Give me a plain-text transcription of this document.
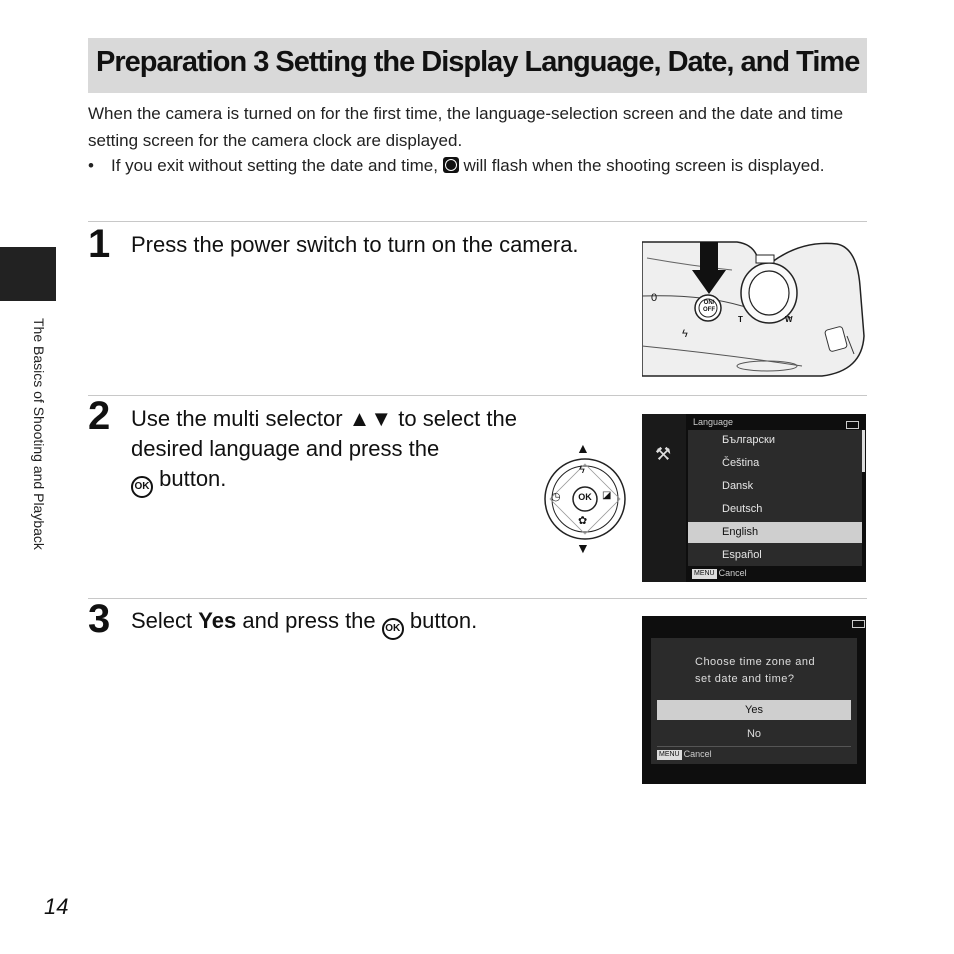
Preparation 3 Setting the Display Language, Date, and Time
When the camera is turned on for the first time, the language-selection screen and the date and time setting screen for the camera clock are displayed.
• If you exit without setting the date and time, will flash when the shooting screen is displayed.
1 Press the power switch to turn on the camera.
ON/
OFF
T	W
0
ϟ
2 Use the multi selector ▲▼ to select the desired language and press the
OK button.
▲
OK
ϟ
◷	◪
✿
▼
⚒
Language
Български
Čeština
Dansk
Deutsch
English
Español
MENU Cancel
3 Select Yes and press the OK button.
Choose time zone and
set date and time?
Yes
No
MENU Cancel
The Basics of Shooting and Playback
14
